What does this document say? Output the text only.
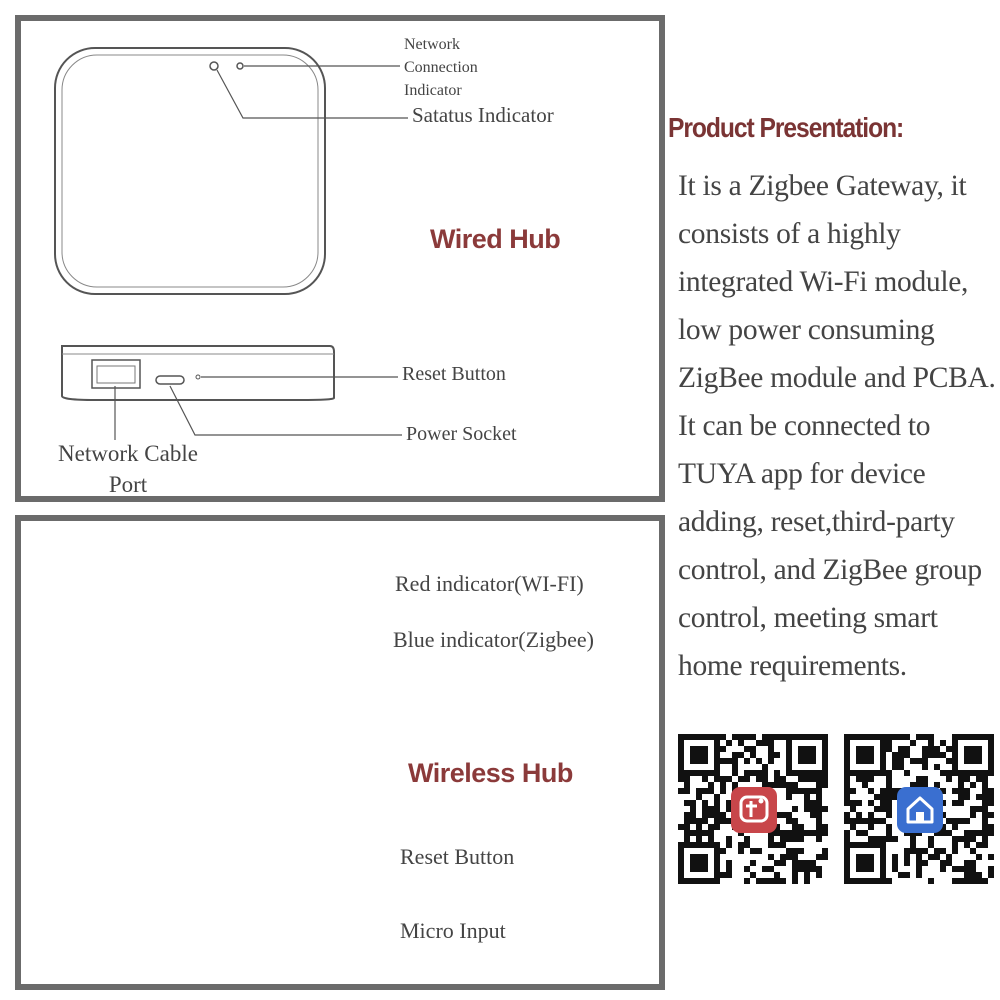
Network
Connection
Indicator
Satatus Indicator
Wired Hub
Reset Button
Power Socket
Network Cable
Port
Red indicator(WI-FI)
Blue indicator(Zigbee)
Wireless Hub
Reset Button
Micro Input
Product Presentation:
It is a Zigbee Gateway, it
consists of a highly
integrated Wi-Fi module,
low power consuming
ZigBee module and PCBA.
It can be connected to
TUYA app for device
adding, reset,third-party
control, and ZigBee group
control, meeting smart
home requirements.
